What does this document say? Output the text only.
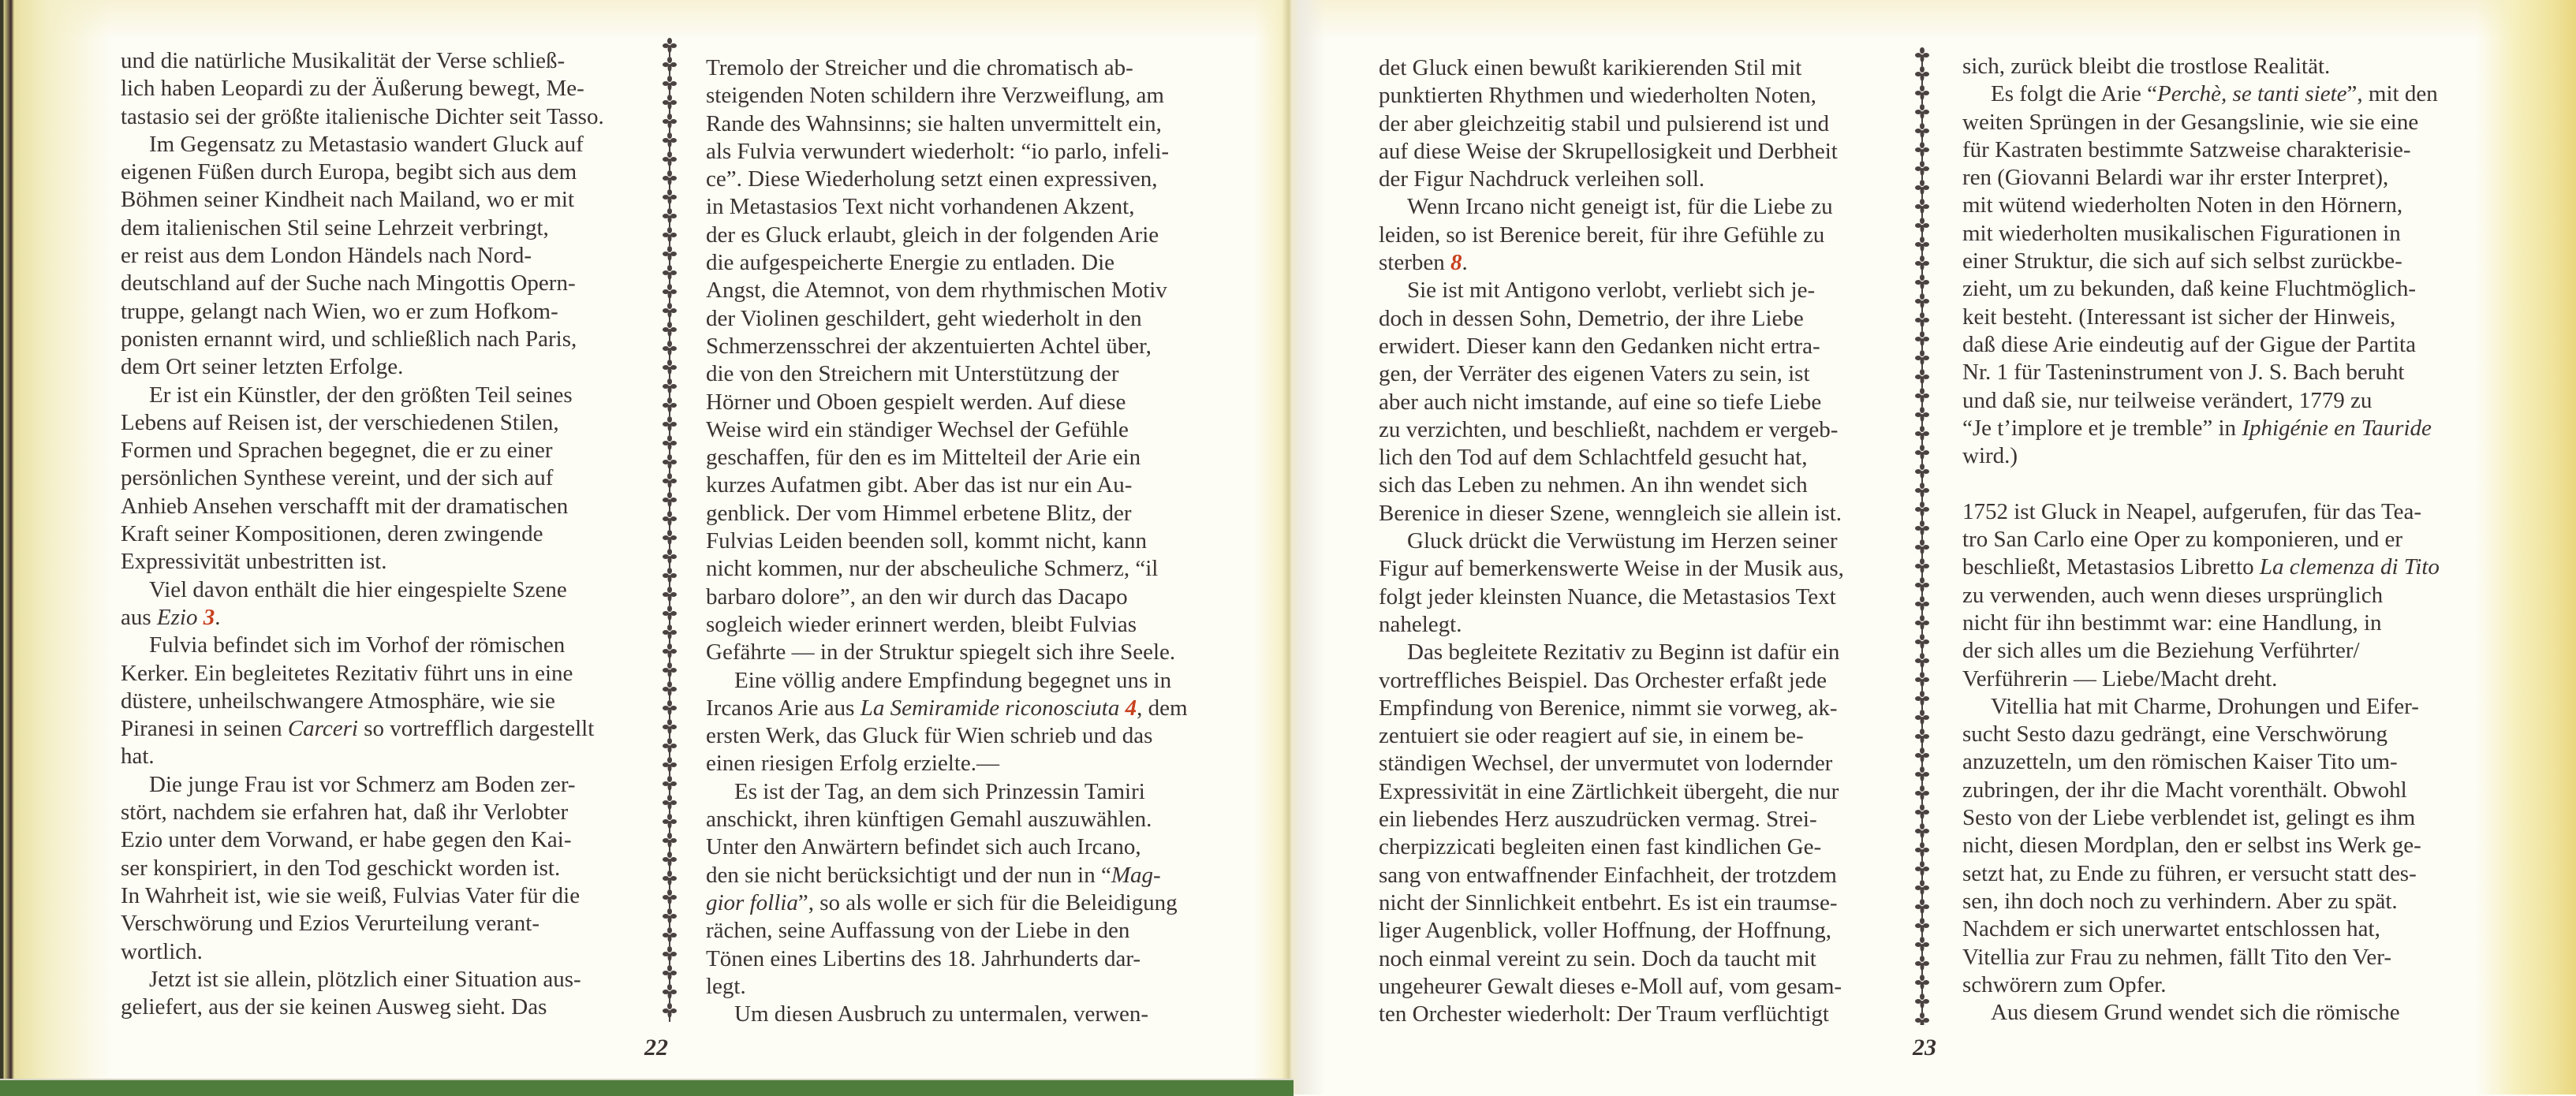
und die natürliche Musikalität der Verse schließ-
lich haben Leopardi zu der Äußerung bewegt, Me-
tastasio sei der größte italienische Dichter seit Tasso.
Im Gegensatz zu Metastasio wandert Gluck auf
eigenen Füßen durch Europa, begibt sich aus dem
Böhmen seiner Kindheit nach Mailand, wo er mit
dem italienischen Stil seine Lehrzeit verbringt,
er reist aus dem London Händels nach Nord-
deutschland auf der Suche nach Mingottis Opern-
truppe, gelangt nach Wien, wo er zum Hofkom-
ponisten ernannt wird, und schließlich nach Paris,
dem Ort seiner letzten Erfolge.
Er ist ein Künstler, der den größten Teil seines
Lebens auf Reisen ist, der verschiedenen Stilen,
Formen und Sprachen begegnet, die er zu einer
persönlichen Synthese vereint, und der sich auf
Anhieb Ansehen verschafft mit der dramatischen
Kraft seiner Kompositionen, deren zwingende
Expressivität unbestritten ist.
Viel davon enthält die hier eingespielte Szene
aus Ezio 3.
Fulvia befindet sich im Vorhof der römischen
Kerker. Ein begleitetes Rezitativ führt uns in eine
düstere, unheilschwangere Atmosphäre, wie sie
Piranesi in seinen Carceri so vortrefflich dargestellt
hat.
Die junge Frau ist vor Schmerz am Boden zer-
stört, nachdem sie erfahren hat, daß ihr Verlobter
Ezio unter dem Vorwand, er habe gegen den Kai-
ser konspiriert, in den Tod geschickt worden ist.
In Wahrheit ist, wie sie weiß, Fulvias Vater für die
Verschwörung und Ezios Verurteilung verant-
wortlich.
Jetzt ist sie allein, plötzlich einer Situation aus-
geliefert, aus der sie keinen Ausweg sieht. Das
Tremolo der Streicher und die chromatisch ab-
steigenden Noten schildern ihre Verzweiflung, am
Rande des Wahnsinns; sie halten unvermittelt ein,
als Fulvia verwundert wiederholt: “io parlo, infeli-
ce”. Diese Wiederholung setzt einen expressiven,
in Metastasios Text nicht vorhandenen Akzent,
der es Gluck erlaubt, gleich in der folgenden Arie
die aufgespeicherte Energie zu entladen. Die
Angst, die Atemnot, von dem rhythmischen Motiv
der Violinen geschildert, geht wiederholt in den
Schmerzensschrei der akzentuierten Achtel über,
die von den Streichern mit Unterstützung der
Hörner und Oboen gespielt werden. Auf diese
Weise wird ein ständiger Wechsel der Gefühle
geschaffen, für den es im Mittelteil der Arie ein
kurzes Aufatmen gibt. Aber das ist nur ein Au-
genblick. Der vom Himmel erbetene Blitz, der
Fulvias Leiden beenden soll, kommt nicht, kann
nicht kommen, nur der abscheuliche Schmerz, “il
barbaro dolore”, an den wir durch das Dacapo
sogleich wieder erinnert werden, bleibt Fulvias
Gefährte — in der Struktur spiegelt sich ihre Seele.
Eine völlig andere Empfindung begegnet uns in
Ircanos Arie aus La Semiramide riconosciuta 4, dem
ersten Werk, das Gluck für Wien schrieb und das
einen riesigen Erfolg erzielte.—
Es ist der Tag, an dem sich Prinzessin Tamiri
anschickt, ihren künftigen Gemahl auszuwählen.
Unter den Anwärtern befindet sich auch Ircano,
den sie nicht berücksichtigt und der nun in “Mag-
gior follia”, so als wolle er sich für die Beleidigung
rächen, seine Auffassung von der Liebe in den
Tönen eines Libertins des 18. Jahrhunderts dar-
legt.
Um diesen Ausbruch zu untermalen, verwen-
22
det Gluck einen bewußt karikierenden Stil mit
punktierten Rhythmen und wiederholten Noten,
der aber gleichzeitig stabil und pulsierend ist und
auf diese Weise der Skrupellosigkeit und Derbheit
der Figur Nachdruck verleihen soll.
Wenn Ircano nicht geneigt ist, für die Liebe zu
leiden, so ist Berenice bereit, für ihre Gefühle zu
sterben 8.
Sie ist mit Antigono verlobt, verliebt sich je-
doch in dessen Sohn, Demetrio, der ihre Liebe
erwidert. Dieser kann den Gedanken nicht ertra-
gen, der Verräter des eigenen Vaters zu sein, ist
aber auch nicht imstande, auf eine so tiefe Liebe
zu verzichten, und beschließt, nachdem er vergeb-
lich den Tod auf dem Schlachtfeld gesucht hat,
sich das Leben zu nehmen. An ihn wendet sich
Berenice in dieser Szene, wenngleich sie allein ist.
Gluck drückt die Verwüstung im Herzen seiner
Figur auf bemerkenswerte Weise in der Musik aus,
folgt jeder kleinsten Nuance, die Metastasios Text
nahelegt.
Das begleitete Rezitativ zu Beginn ist dafür ein
vortreffliches Beispiel. Das Orchester erfaßt jede
Empfindung von Berenice, nimmt sie vorweg, ak-
zentuiert sie oder reagiert auf sie, in einem be-
ständigen Wechsel, der unvermutet von lodernder
Expressivität in eine Zärtlichkeit übergeht, die nur
ein liebendes Herz auszudrücken vermag. Strei-
cherpizzicati begleiten einen fast kindlichen Ge-
sang von entwaffnender Einfachheit, der trotzdem
nicht der Sinnlichkeit entbehrt. Es ist ein traumse-
liger Augenblick, voller Hoffnung, der Hoffnung,
noch einmal vereint zu sein. Doch da taucht mit
ungeheurer Gewalt dieses e-Moll auf, vom gesam-
ten Orchester wiederholt: Der Traum verflüchtigt
sich, zurück bleibt die trostlose Realität.
Es folgt die Arie “Perchè, se tanti siete”, mit den
weiten Sprüngen in der Gesangslinie, wie sie eine
für Kastraten bestimmte Satzweise charakterisie-
ren (Giovanni Belardi war ihr erster Interpret),
mit wütend wiederholten Noten in den Hörnern,
mit wiederholten musikalischen Figurationen in
einer Struktur, die sich auf sich selbst zurückbe-
zieht, um zu bekunden, daß keine Fluchtmöglich-
keit besteht. (Interessant ist sicher der Hinweis,
daß diese Arie eindeutig auf der Gigue der Partita
Nr. 1 für Tasteninstrument von J. S. Bach beruht
und daß sie, nur teilweise verändert, 1779 zu
“Je t’implore et je tremble” in Iphigénie en Tauride
wird.)
1752 ist Gluck in Neapel, aufgerufen, für das Tea-
tro San Carlo eine Oper zu komponieren, und er
beschließt, Metastasios Libretto La clemenza di Tito
zu verwenden, auch wenn dieses ursprünglich
nicht für ihn bestimmt war: eine Handlung, in
der sich alles um die Beziehung Verführter/
Verführerin — Liebe/Macht dreht.
Vitellia hat mit Charme, Drohungen und Eifer-
sucht Sesto dazu gedrängt, eine Verschwörung
anzuzetteln, um den römischen Kaiser Tito um-
zubringen, der ihr die Macht vorenthält. Obwohl
Sesto von der Liebe verblendet ist, gelingt es ihm
nicht, diesen Mordplan, den er selbst ins Werk ge-
setzt hat, zu Ende zu führen, er versucht statt des-
sen, ihn doch noch zu verhindern. Aber zu spät.
Nachdem er sich unerwartet entschlossen hat,
Vitellia zur Frau zu nehmen, fällt Tito den Ver-
schwörern zum Opfer.
Aus diesem Grund wendet sich die römische
23
